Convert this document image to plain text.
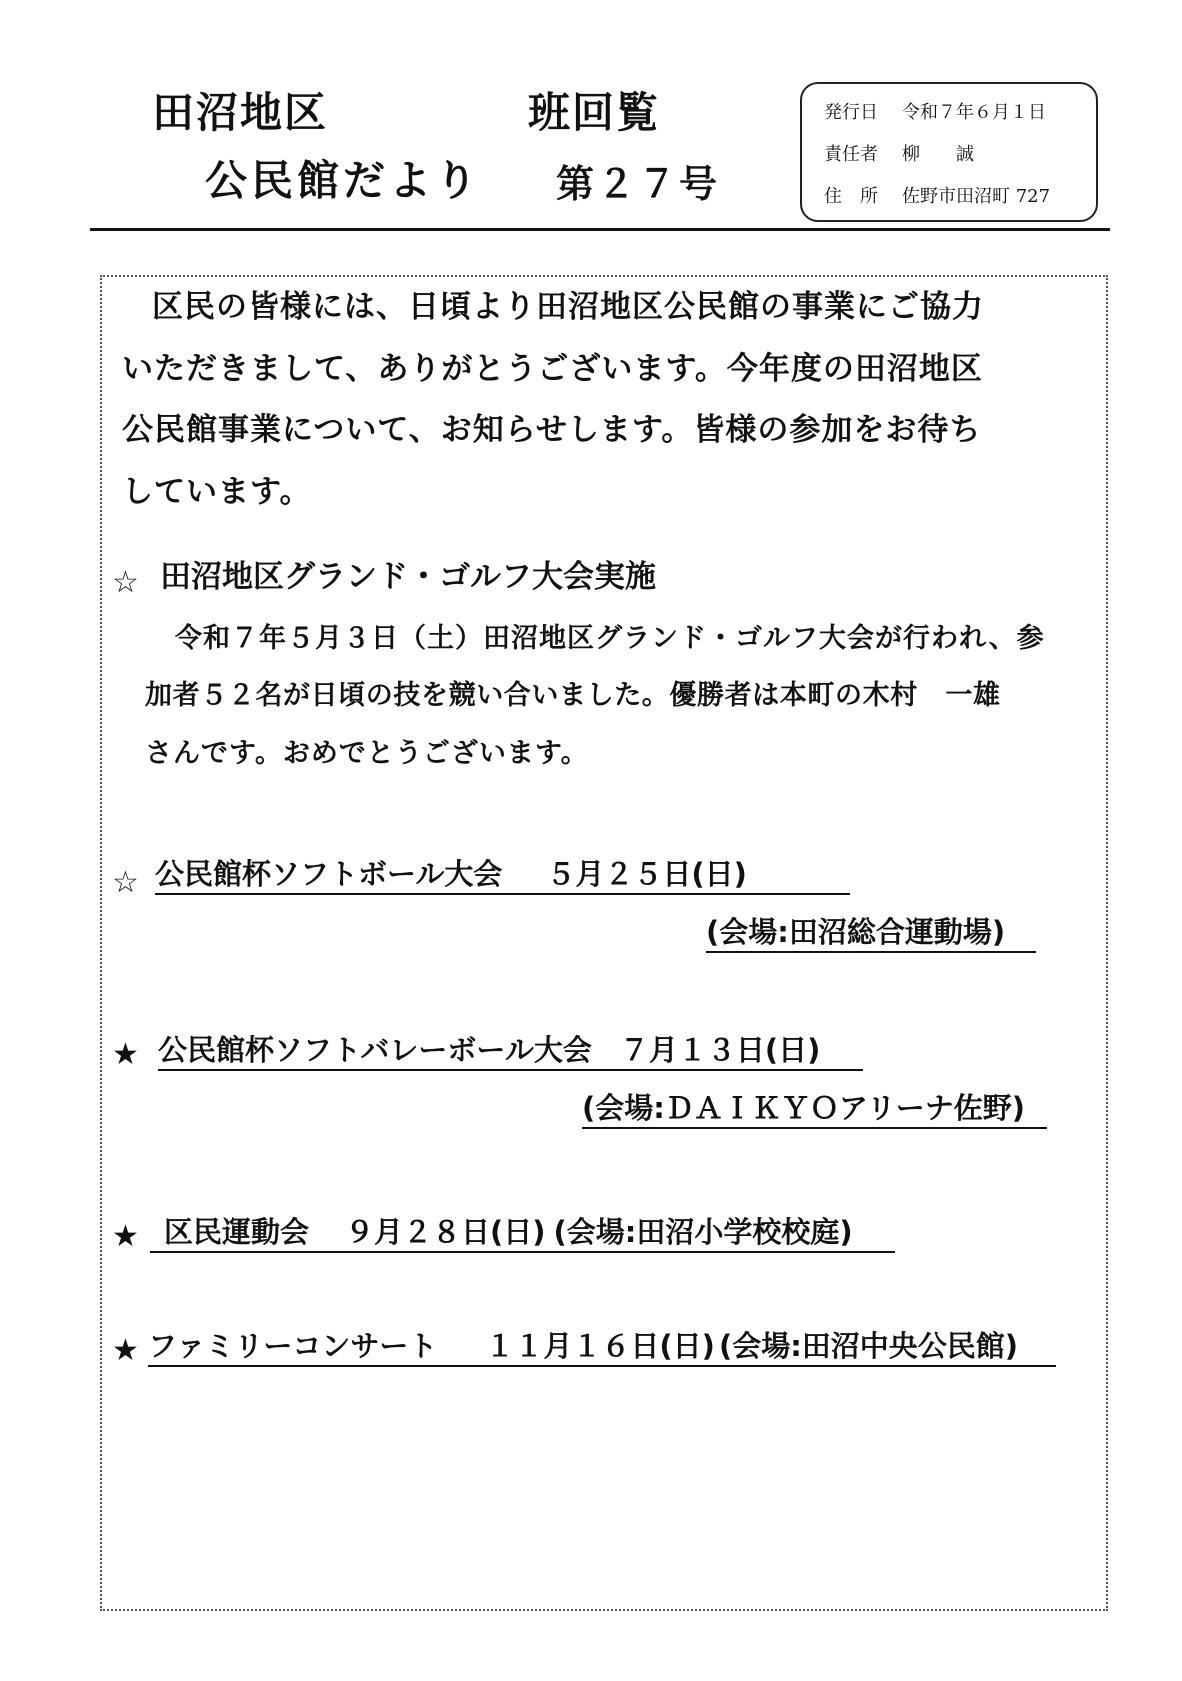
田沼地区	班回覧
公民館だより 第２７号
発行日 令和７年６月１日
責任者 柳　　誠
住　所 佐野市田沼町 727
区民の皆様には、日頃より田沼地区公民館の事業にご協力
いただきまして、ありがとうございます。今年度の田沼地区
公民館事業について、お知らせします。皆様の参加をお待ち
しています。
☆ 田沼地区グランド・ゴルフ大会実施
令和７年５月３日（土）田沼地区グランド・ゴルフ大会が行われ、参
加者５２名が日頃の技を競い合いました。優勝者は本町の木村　一雄
さんです。おめでとうございます。
☆ 公民館杯ソフトボール大会 ５月２５日(日)
(会場:田沼総合運動場)
★ 公民館杯ソフトバレーボール大会 ７月１３日(日)
(会場:ＤＡＩＫＹＯアリーナ佐野)
★ 区民運動会 ９月２８日(日) (会場:田沼小学校校庭)
★ ファミリーコンサート １１月１６日(日) (会場:田沼中央公民館)
